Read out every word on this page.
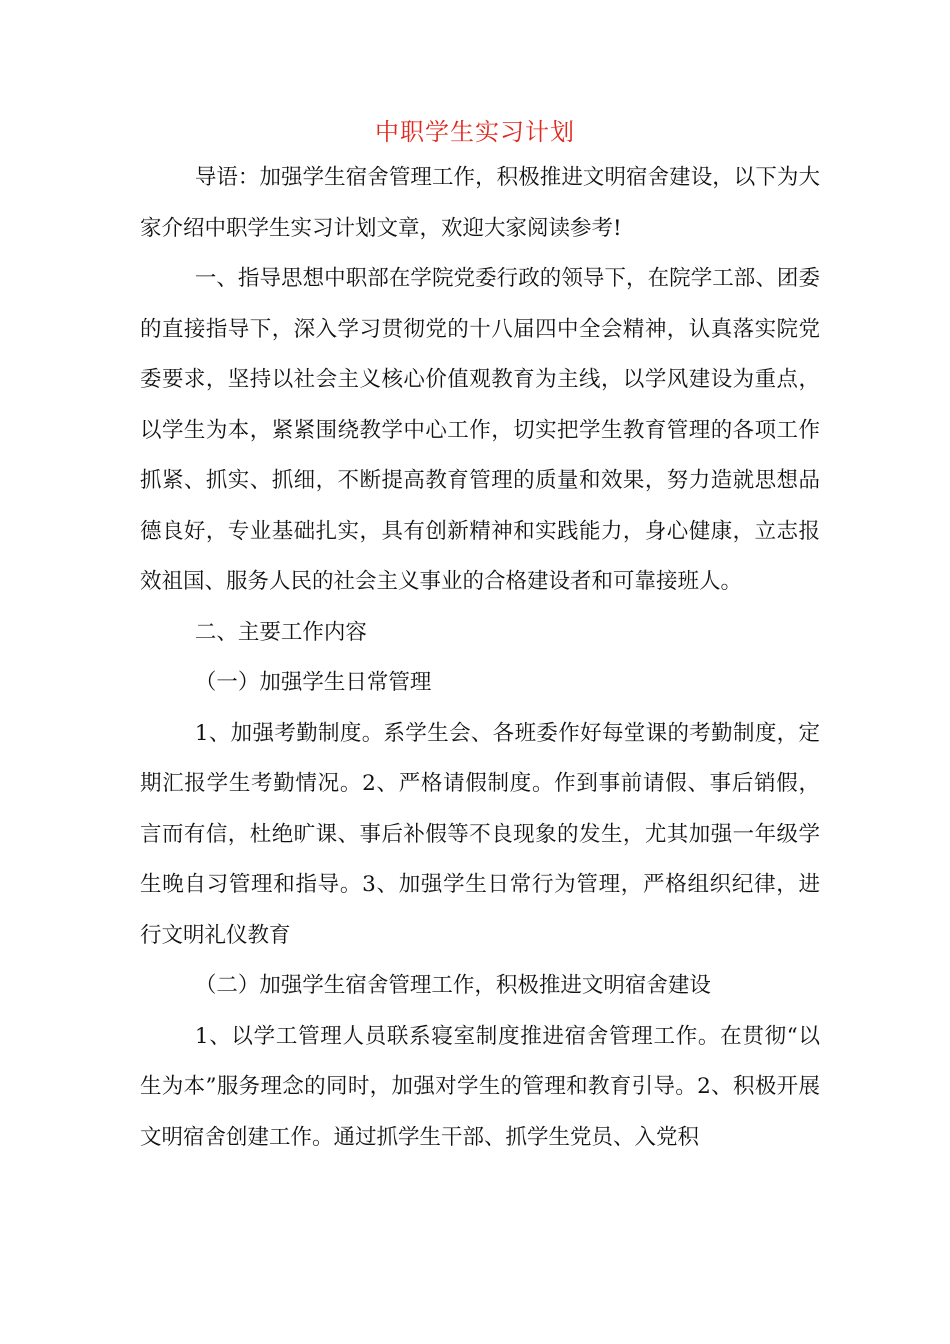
中职学生实习计划

导语：加强学生宿舍管理工作，积极推进文明宿舍建设，以下为大家介绍中职学生实习计划文章，欢迎大家阅读参考!

一、指导思想中职部在学院党委行政的领导下，在院学工部、团委的直接指导下，深入学习贯彻党的十八届四中全会精神，认真落实院党委要求，坚持以社会主义核心价值观教育为主线，以学风建设为重点，以学生为本，紧紧围绕教学中心工作，切实把学生教育管理的各项工作抓紧、抓实、抓细，不断提高教育管理的质量和效果，努力造就思想品德良好，专业基础扎实，具有创新精神和实践能力，身心健康，立志报效祖国、服务人民的社会主义事业的合格建设者和可靠接班人。

二、主要工作内容

（一）加强学生日常管理

1、加强考勤制度。系学生会、各班委作好每堂课的考勤制度，定期汇报学生考勤情况。2、严格请假制度。作到事前请假、事后销假，言而有信，杜绝旷课、事后补假等不良现象的发生，尤其加强一年级学生晚自习管理和指导。3、加强学生日常行为管理，严格组织纪律，进行文明礼仪教育

（二）加强学生宿舍管理工作，积极推进文明宿舍建设

1、以学工管理人员联系寝室制度推进宿舍管理工作。在贯彻“以生为本”服务理念的同时，加强对学生的管理和教育引导。2、积极开展文明宿舍创建工作。通过抓学生干部、抓学生党员、入党积
